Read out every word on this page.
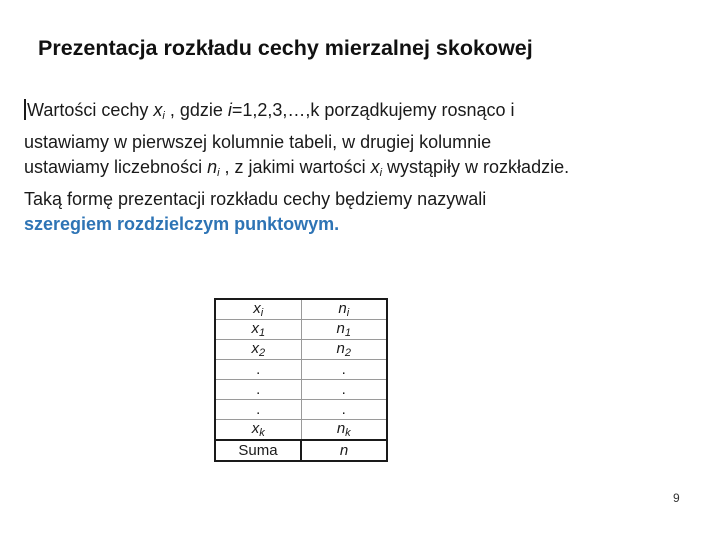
Prezentacja rozkładu cechy mierzalnej skokowej
Wartości cechy $x_i$ , gdzie i=1,2,3,…,k porządkujemy rosnąco i
ustawiamy w pierwszej kolumnie tabeli, w drugiej kolumnie
ustawiamy liczebności $n_i$ , z jakimi wartości $x_i$ wystąpiły w rozkładzie.
Taką formę prezentacji rozkładu cechy będziemy nazywali
szeregiem rozdzielczym punktowym.
$x_i$	$n_i$
$x_1$	$n_1$
$x_2$	$n_2$
.	.
.	.
.	.
$x_k$	$n_k$
Suma	n
9
